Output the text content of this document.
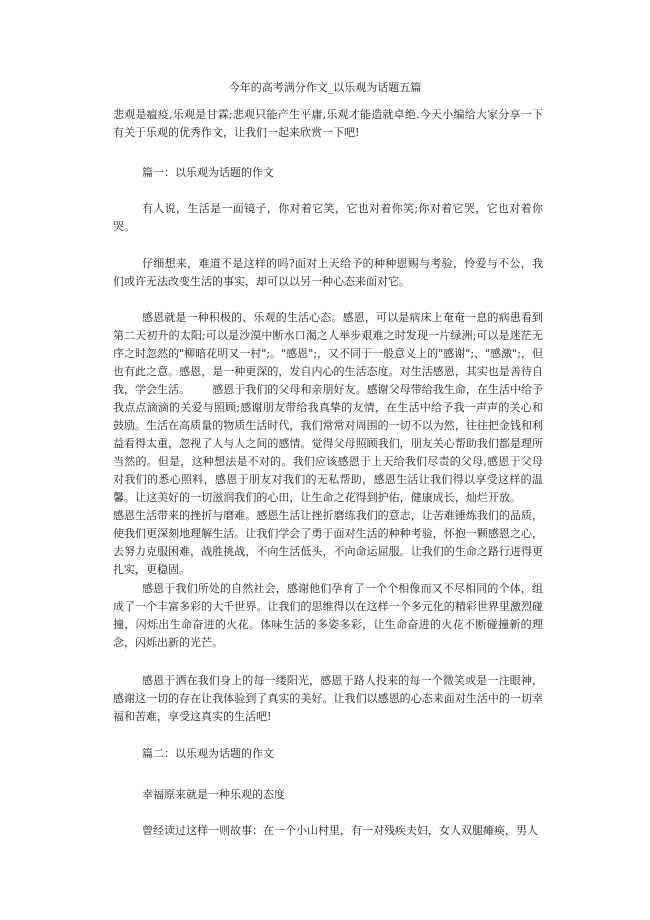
今年的高考满分作文_以乐观为话题五篇

悲观是瘟疫,乐观是甘霖;悲观只能产生平庸,乐观才能造就卓绝.今天小编给大家分享一下有关于乐观的优秀作文，让我们一起来欣赏一下吧!

篇一：以乐观为话题的作文

有人说，生活是一面镜子，你对着它笑，它也对着你笑;你对着它哭，它也对着你哭。

仔细想来，难道不是这样的吗?面对上天给予的种种恩赐与考验，怜爱与不公，我们或许无法改变生活的事实，却可以以另一种心态来面对它。

感恩就是一种积极的、乐观的生活心态。感恩，可以是病床上奄奄一息的病患看到第二天初升的太阳;可以是沙漠中断水口渴之人举步艰难之时发现一片绿洲;可以是迷茫无序之时忽然的"柳暗花明又一村";。"感恩";，又不同于一般意义上的"感谢";、"感激";，但也有此之意。感恩，是一种更深的，发自内心的生活态度。对生活感恩，其实也是善待自我，学会生活。 感恩于我们的父母和亲朋好友。感谢父母带给我生命，在生活中给予我点点滴滴的关爱与照顾;感谢朋友带给我真挚的友情，在生活中给予我一声声的关心和鼓励。生活在高质量的物质生活时代，我们常常对周围的一切不以为然，往往把金钱和利益看得太重，忽视了人与人之间的感情。觉得父母照顾我们，朋友关心帮助我们都是理所当然的。但是，这种想法是不对的。我们应该感恩于上天给我们尽责的父母,感恩于父母对我们的悉心照料，感恩于朋友对我们的无私帮助，感恩生活让我们得以享受这样的温馨。让这美好的一切滋润我们的心田，让生命之花得到护佑，健康成长，灿烂开放。感恩生活带来的挫折与磨难。感恩生活让挫折磨练我们的意志，让苦难锤炼我们的品质，使我们更深刻地理解生活。让我们学会了勇于面对生活的种种考验，怀抱一颗感恩之心，去努力克服困难，战胜挑战，不向生活低头，不向命运屈服。让我们的生命之路行进得更扎实，更稳固。

感恩于我们所处的自然社会，感谢他们孕育了一个个相像而又不尽相同的个体，组成了一个丰富多彩的大千世界。让我们的思维得以在这样一个多元化的精彩世界里激烈碰撞，闪烁出生命奋进的火花。体味生活的多姿多彩，让生命奋进的火花不断碰撞新的理念，闪烁出新的光芒。

感恩于洒在我们身上的每一缕阳光，感恩于路人投来的每一个微笑或是一注眼神，感谢这一切的存在让我体验到了真实的美好。让我们以感恩的心态来面对生活中的一切幸福和苦难，享受这真实的生活吧!

篇二：以乐观为话题的作文
幸福原来就是一种乐观的态度

曾经读过这样一则故事：在一个小山村里，有一对残疾夫妇，女人双腿瘫痪，男人
